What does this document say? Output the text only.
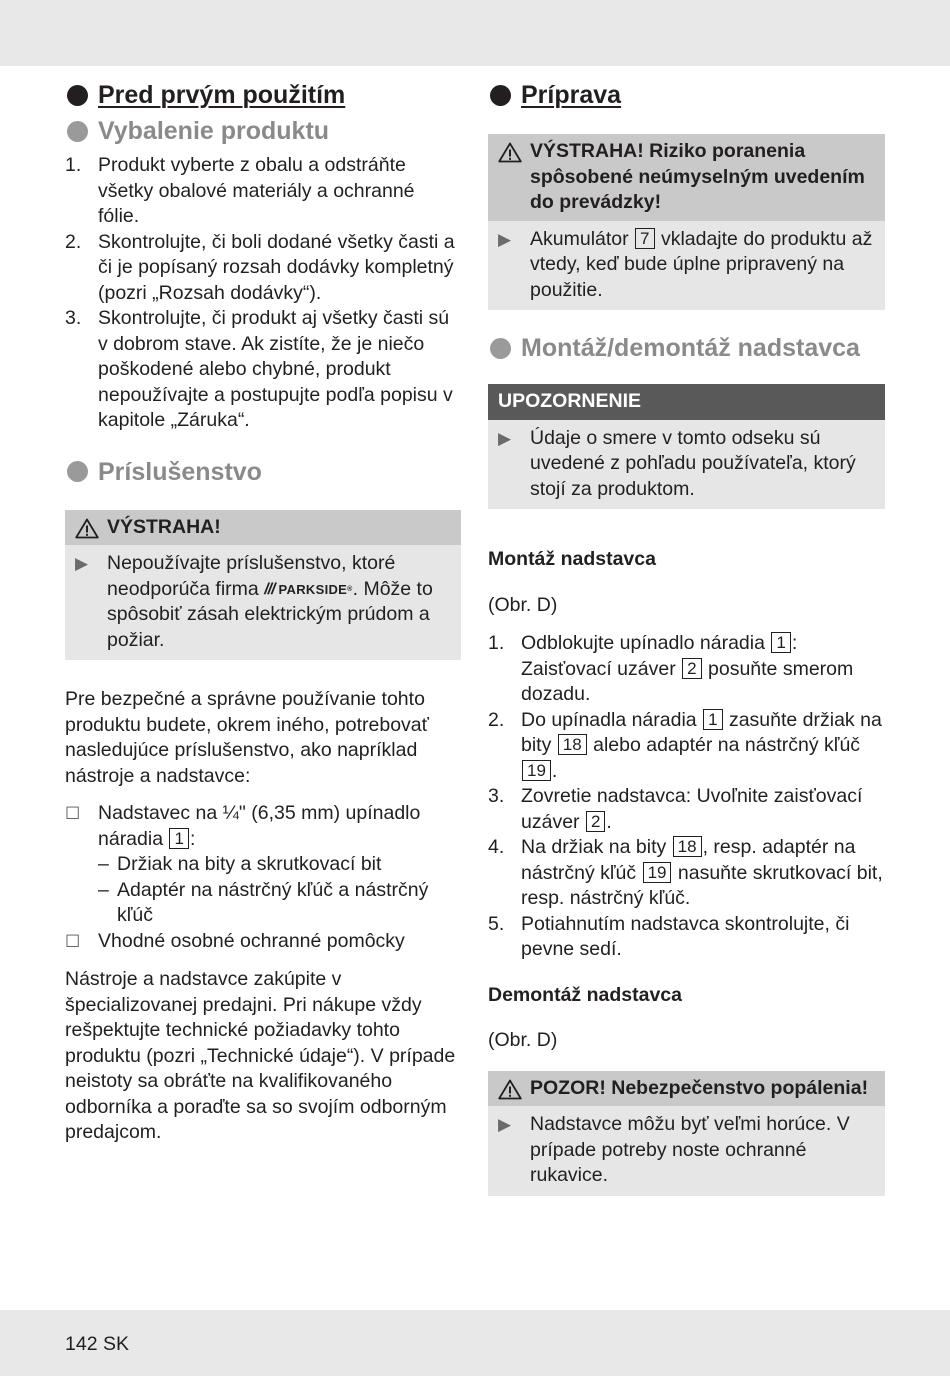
Pred prvým použitím
Vybalenie produktu
1. Produkt vyberte z obalu a odstráňte všetky obalové materiály a ochranné fólie.
2. Skontrolujte, či boli dodané všetky časti a či je popísaný rozsah dodávky kompletný (pozri „Rozsah dodávky“).
3. Skontrolujte, či produkt aj všetky časti sú v dobrom stave. Ak zistíte, že je niečo poškodené alebo chybné, produkt nepoužívajte a postupujte podľa popisu v kapitole „Záruka“.
Príslušenstvo
VÝSTRAHA!
▶ Nepoužívajte príslušenstvo, ktoré neodporúča firma /// PARKSIDE ® . Môže to spôsobiť zásah elektrickým prúdom a požiar.

Pre bezpečné a správne používanie tohto produktu budete, okrem iného, potrebovať nasledujúce príslušenstvo, ako napríklad nástroje a nadstavce:

☐ Nadstavec na ¼" (6,35 mm) upínadlo náradia 1 :
– Držiak na bity a skrutkovací bit
– Adaptér na nástrčný kľúč a nástrčný kľúč
☐ Vhodné osobné ochranné pomôcky

Nástroje a nadstavce zakúpite v špecializovanej predajni. Pri nákupe vždy rešpektujte technické požiadavky tohto produktu (pozri „Technické údaje“). V prípade neistoty sa obráťte na kvalifikovaného odborníka a poraďte sa so svojím odborným predajcom.

Príprava
VÝSTRAHA! Riziko poranenia spôsobené neúmyselným uvedením do prevádzky!
▶ Akumulátor 7 vkladajte do produktu až vtedy, keď bude úplne pripravený na použitie.
Montáž/demontáž nadstavca
UPOZORNENIE
▶ Údaje o smere v tomto odseku sú uvedené z pohľadu používateľa, ktorý stojí za produktom.

Montáž nadstavca

(Obr. D)

1. Odblokujte upínadlo náradia 1 : Zaisťovací uzáver 2 posuňte smerom dozadu.
2. Do upínadla náradia 1 zasuňte držiak na bity 18 alebo adaptér na nástrčný kľúč 19 .
3. Zovretie nadstavca: Uvoľnite zaisťovací uzáver 2 .
4. Na držiak na bity 18 , resp. adaptér na nástrčný kľúč 19 nasuňte skrutkovací bit, resp. nástrčný kľúč.
5. Potiahnutím nadstavca skontrolujte, či pevne sedí.

Demontáž nadstavca

(Obr. D)

POZOR! Nebezpečenstvo popálenia!
▶ Nadstavce môžu byť veľmi horúce. V prípade potreby noste ochranné rukavice.
142 SK
